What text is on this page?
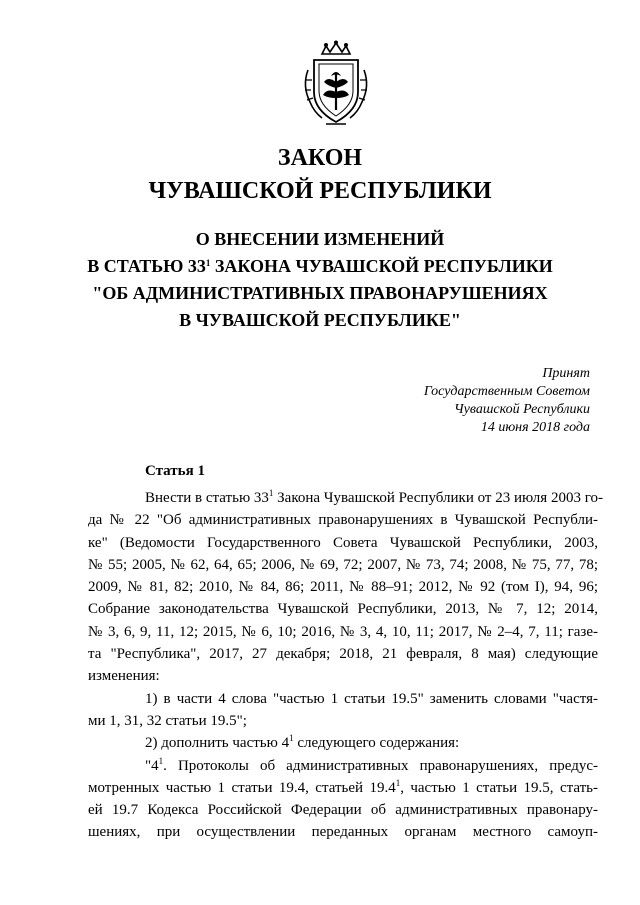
ЗАКОН
ЧУВАШСКОЙ РЕСПУБЛИКИ
О ВНЕСЕНИИ ИЗМЕНЕНИЙ
В СТАТЬЮ $33^1$ ЗАКОНА ЧУВАШСКОЙ РЕСПУБЛИКИ
"ОБ АДМИНИСТРАТИВНЫХ ПРАВОНАРУШЕНИЯХ
В ЧУВАШСКОЙ РЕСПУБЛИКЕ"
Принят
Государственным Советом
Чувашской Республики
14 июня 2018 года
Статья 1
Внести в статью $33^1$ Закона Чувашской Республики от 23 июля 2003 го-
да № 22 "Об административных правонарушениях в Чувашской Республи-
ке" (Ведомости Государственного Совета Чувашской Республики, 2003,
№ 55; 2005, № 62, 64, 65; 2006, № 69, 72; 2007, № 73, 74; 2008, № 75, 77, 78;
2009, № 81, 82; 2010, № 84, 86; 2011, № 88–91; 2012, № 92 (том I), 94, 96;
Собрание законодательства Чувашской Республики, 2013, № 7, 12; 2014,
№ 3, 6, 9, 11, 12; 2015, № 6, 10; 2016, № 3, 4, 10, 11; 2017, № 2–4, 7, 11; газе-
та "Республика", 2017, 27 декабря; 2018, 21 февраля, 8 мая) следующие
изменения:
1) в части 4 слова "частью 1 статьи 19.5" заменить словами "частя-
ми 1, 31, 32 статьи 19.5";
2) дополнить частью $4^1$ следующего содержания:
"$4^1$. Протоколы об административных правонарушениях, предус-
мотренных частью 1 статьи 19.4, статьей 19.4$^1$, частью 1 статьи 19.5, стать-
ей 19.7 Кодекса Российской Федерации об административных правонару-
шениях, при осуществлении переданных органам местного самоуп-
